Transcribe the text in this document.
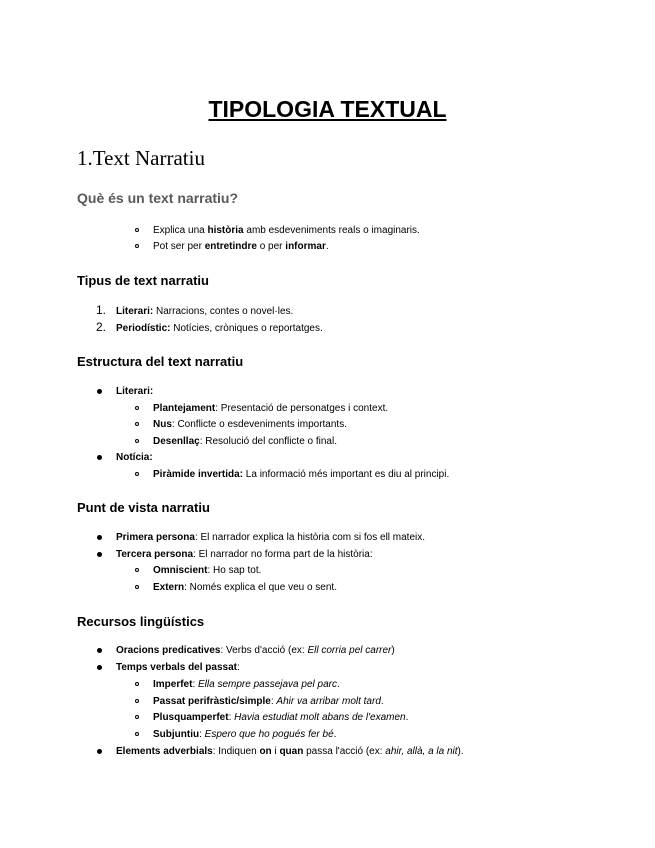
TIPOLOGIA TEXTUAL
1.Text Narratiu
Què és un text narratiu?
Explica una història amb esdeveniments reals o imaginaris.
Pot ser per entretindre o per informar.
Tipus de text narratiu
1. Literari: Narracions, contes o novel·les.
2. Periodístic: Notícies, cròniques o reportatges.
Estructura del text narratiu
Literari:
Plantejament: Presentació de personatges i context.
Nus: Conflicte o esdeveniments importants.
Desenllaç: Resolució del conflicte o final.
Notícia:
Piràmide invertida: La informació més important es diu al principi.
Punt de vista narratiu
Primera persona: El narrador explica la història com si fos ell mateix.
Tercera persona: El narrador no forma part de la història:
Omniscient: Ho sap tot.
Extern: Només explica el que veu o sent.
Recursos lingüístics
Oracions predicatives: Verbs d'acció (ex: Ell corria pel carrer)
Temps verbals del passat:
Imperfet: Ella sempre passejava pel parc.
Passat perifràstic/simple: Ahir va arribar molt tard.
Plusquamperfet: Havia estudiat molt abans de l'examen.
Subjuntiu: Espero que ho pogués fer bé.
Elements adverbials: Indiquen on i quan passa l'acció (ex: ahir, allà, a la nit).
